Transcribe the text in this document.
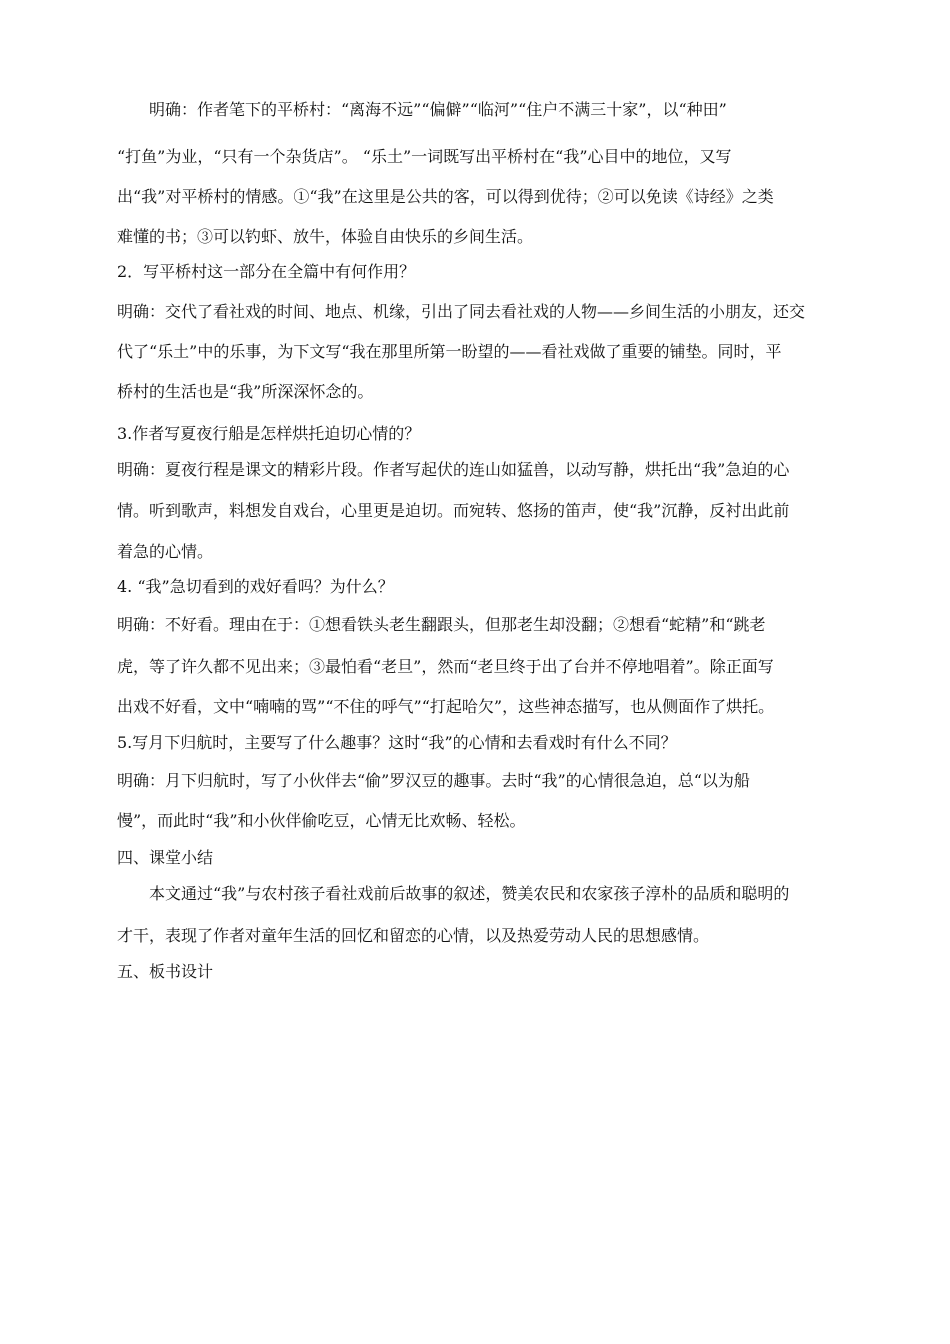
明确：作者笔下的平桥村：“离海不远”“偏僻”“临河”“住户不满三十家”，以“种田”
“打鱼”为业，“只有一个杂货店”。 “乐土”一词既写出平桥村在“我”心目中的地位，又写
出“我”对平桥村的情感。①“我”在这里是公共的客，可以得到优待；②可以免读《诗经》之类
难懂的书；③可以钓虾、放牛，体验自由快乐的乡间生活。
2．写平桥村这一部分在全篇中有何作用？
明确：交代了看社戏的时间、地点、机缘，引出了同去看社戏的人物——乡间生活的小朋友，还交
代了“乐土”中的乐事，为下文写“我在那里所第一盼望的——看社戏做了重要的铺垫。同时，平
桥村的生活也是“我”所深深怀念的。
3.作者写夏夜行船是怎样烘托迫切心情的？
明确：夏夜行程是课文的精彩片段。作者写起伏的连山如猛兽，以动写静，烘托出“我”急迫的心
情。听到歌声，料想发自戏台，心里更是迫切。而宛转、悠扬的笛声，使“我”沉静，反衬出此前
着急的心情。
4. “我”急切看到的戏好看吗？为什么？
明确：不好看。理由在于：①想看铁头老生翻跟头，但那老生却没翻；②想看“蛇精”和“跳老
虎，等了许久都不见出来；③最怕看“老旦”，然而“老旦终于出了台并不停地唱着”。除正面写
出戏不好看，文中“喃喃的骂”“不住的呼气”“打起哈欠”，这些神态描写，也从侧面作了烘托。
5.写月下归航时，主要写了什么趣事？这时“我”的心情和去看戏时有什么不同？
明确：月下归航时，写了小伙伴去“偷”罗汉豆的趣事。去时“我”的心情很急迫，总“以为船
慢”，而此时“我”和小伙伴偷吃豆，心情无比欢畅、轻松。
四、课堂小结
本文通过“我”与农村孩子看社戏前后故事的叙述，赞美农民和农家孩子淳朴的品质和聪明的
才干，表现了作者对童年生活的回忆和留恋的心情，以及热爱劳动人民的思想感情。
五、板书设计
